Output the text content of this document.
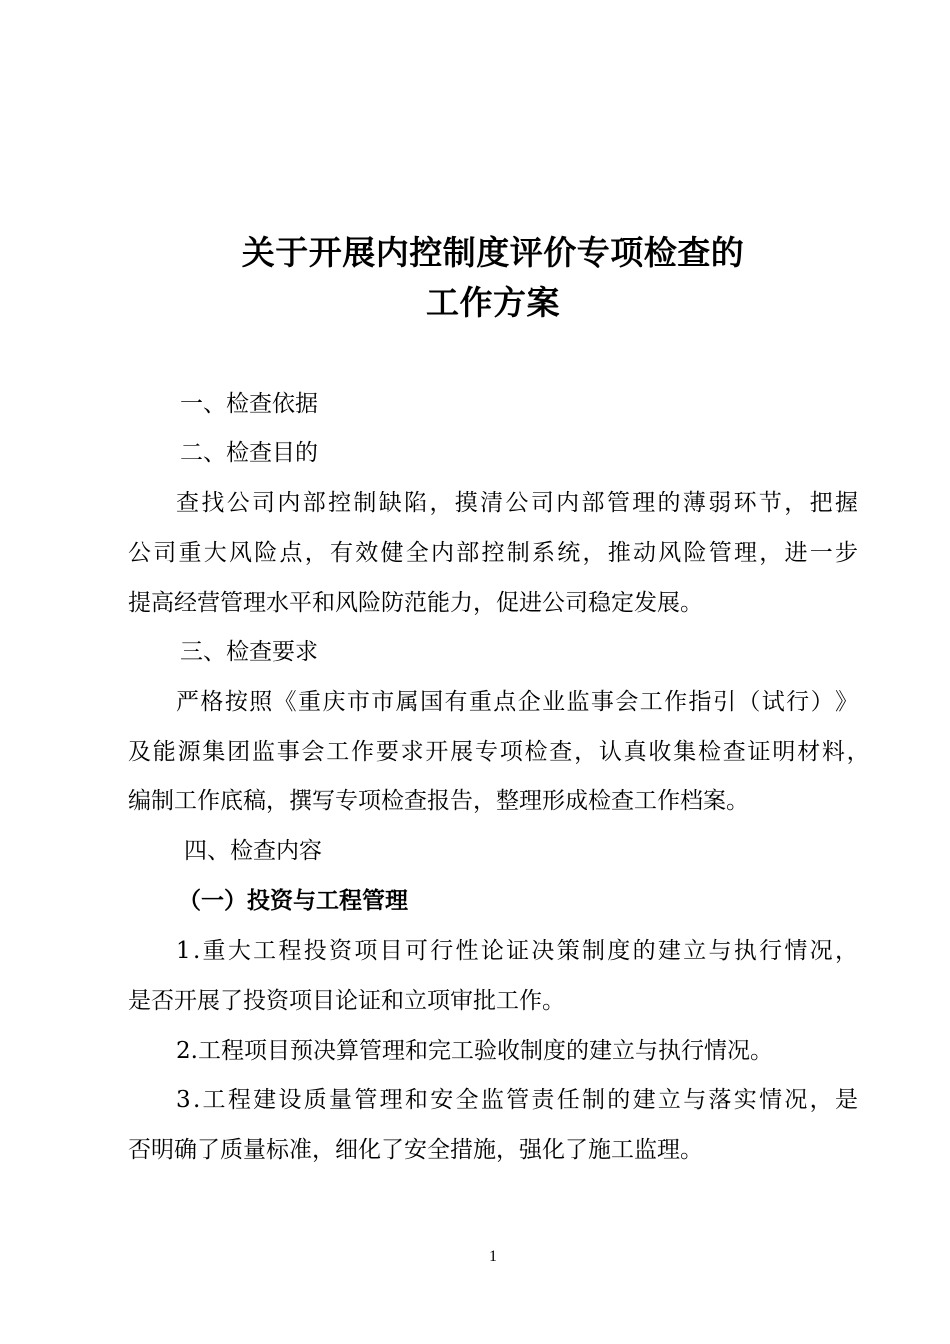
关于开展内控制度评价专项检查的
工作方案
一、检查依据
二、检查目的
查 找 公 司 内 部 控 制 缺 陷 ， 摸 清 公 司 内 部 管 理 的 薄 弱 环 节 ， 把 握
公 司 重 大 风 险 点 ， 有 效 健 全 内 部 控 制 系 统 ， 推 动 风 险 管 理 ， 进 一 步
提高经营管理水平和风险防范能力，促进公司稳定发展。
三、检查要求
严 格 按 照 《 重 庆 市 市 属 国 有 重 点 企 业 监 事 会 工 作 指 引 （ 试 行 ） 》
及 能 源 集 团 监 事 会 工 作 要 求 开 展 专 项 检 查 ， 认 真 收 集 检 查 证 明 材 料 ，
编制工作底稿，撰写专项检查报告，整理形成检查工作档案。
四、检查内容
（一）投资与工程管理
1 . 重 大 工 程 投 资 项 目 可 行 性 论 证 决 策 制 度 的 建 立 与 执 行 情 况 ，
是否开展了投资项目论证和立项审批工作。
2.工程项目预决算管理和完工验收制度的建立与执行情况。
3 . 工 程 建 设 质 量 管 理 和 安 全 监 管 责 任 制 的 建 立 与 落 实 情 况 ， 是
否明确了质量标准，细化了安全措施，强化了施工监理。
1
